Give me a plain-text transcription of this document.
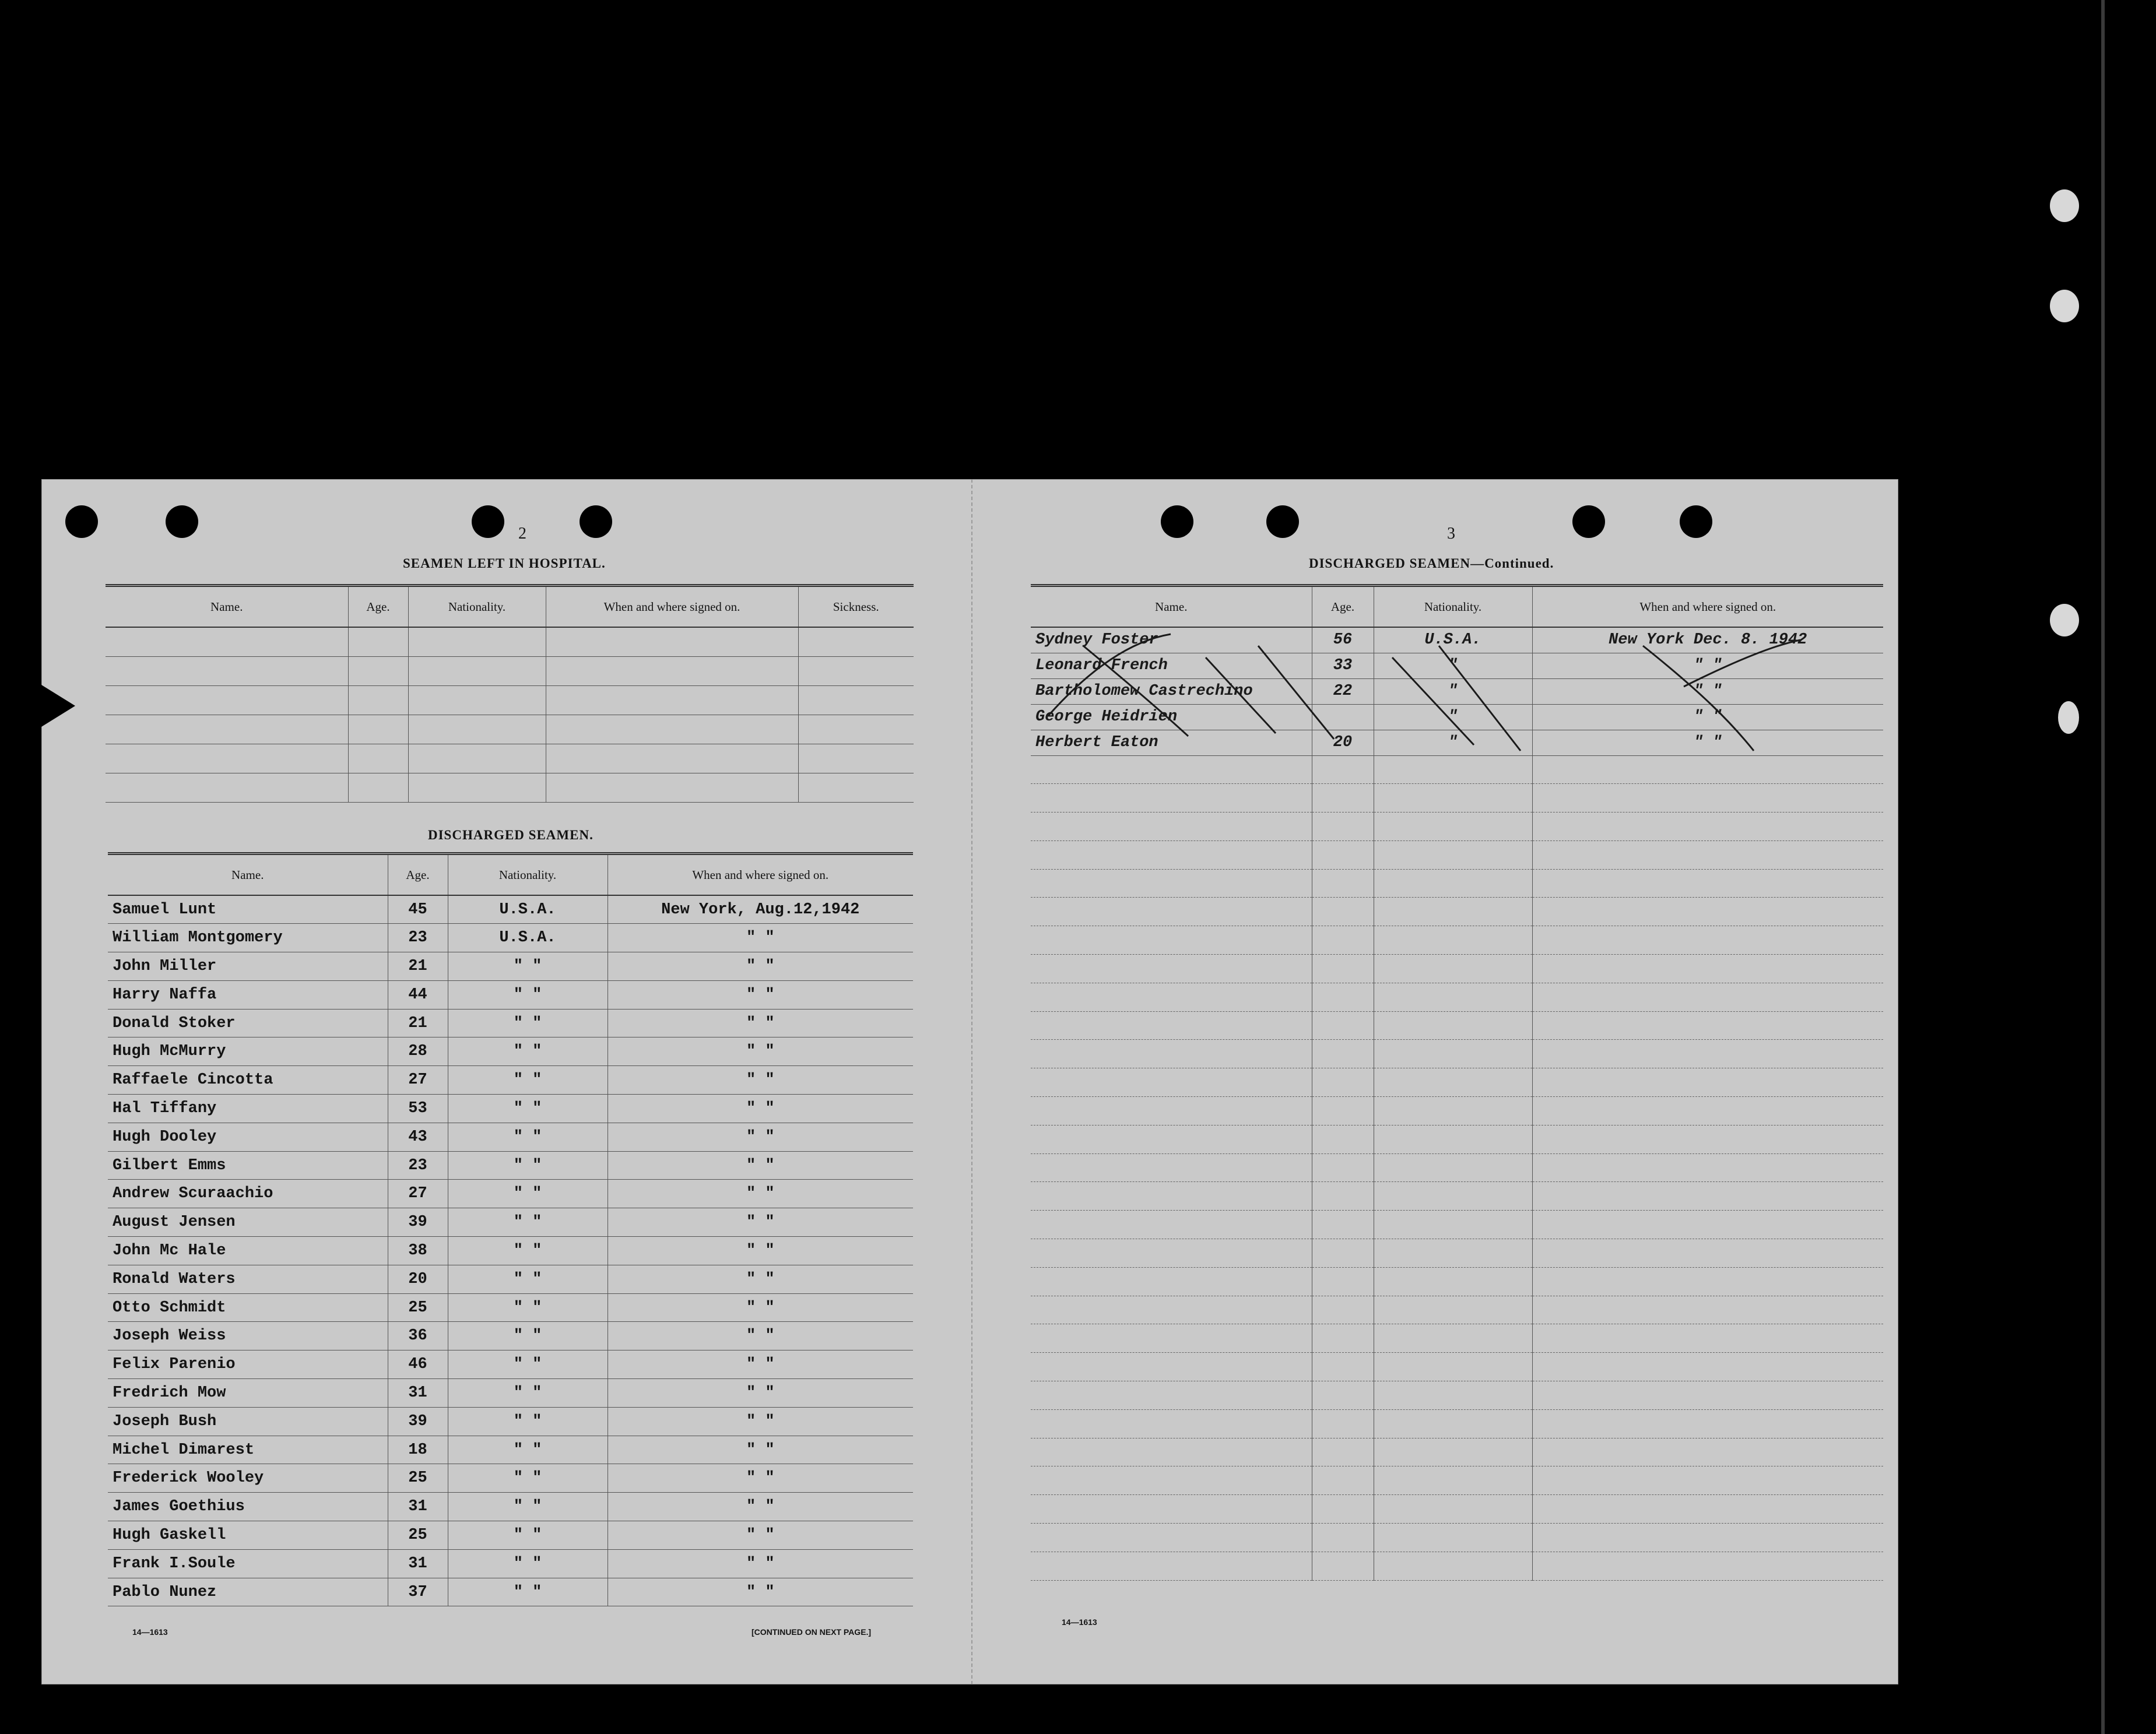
2
SEAMEN LEFT IN HOSPITAL.
Name.	Age.	Nationality.	When and where signed on.	Sickness.

DISCHARGED SEAMEN.
Name.	Age.	Nationality.	When and where signed on.
Samuel Lunt	45	U.S.A.	New York, Aug.12,1942
William Montgomery	23	U.S.A.	" "
John Miller	21	" "	" "
Harry Naffa	44	" "	" "
Donald Stoker	21	" "	" "
Hugh McMurry	28	" "	" "
Raffaele Cincotta	27	" "	" "
Hal Tiffany	53	" "	" "
Hugh Dooley	43	" "	" "
Gilbert Emms	23	" "	" "
Andrew Scuraachio	27	" "	" "
August Jensen	39	" "	" "
John Mc Hale	38	" "	" "
Ronald Waters	20	" "	" "
Otto Schmidt	25	" "	" "
Joseph Weiss	36	" "	" "
Felix Parenio	46	" "	" "
Fredrich Mow	31	" "	" "
Joseph Bush	39	" "	" "
Michel Dimarest	18	" "	" "
Frederick Wooley	25	" "	" "
James Goethius	31	" "	" "
Hugh Gaskell	25	" "	" "
Frank I.Soule	31	" "	" "
Pablo Nunez	37	" "	" "
14—1613	[CONTINUED ON NEXT PAGE.]
3
DISCHARGED SEAMEN—Continued.
Name.	Age.	Nationality.	When and where signed on.
Sydney Foster	56	U.S.A.	New York Dec. 8. 1942
Leonard French	33	"	" "
Bartholomew Castrechino	22	"	" "
George Heidrien		"	" "
Herbert Eaton	20	"	" "

14—1613
